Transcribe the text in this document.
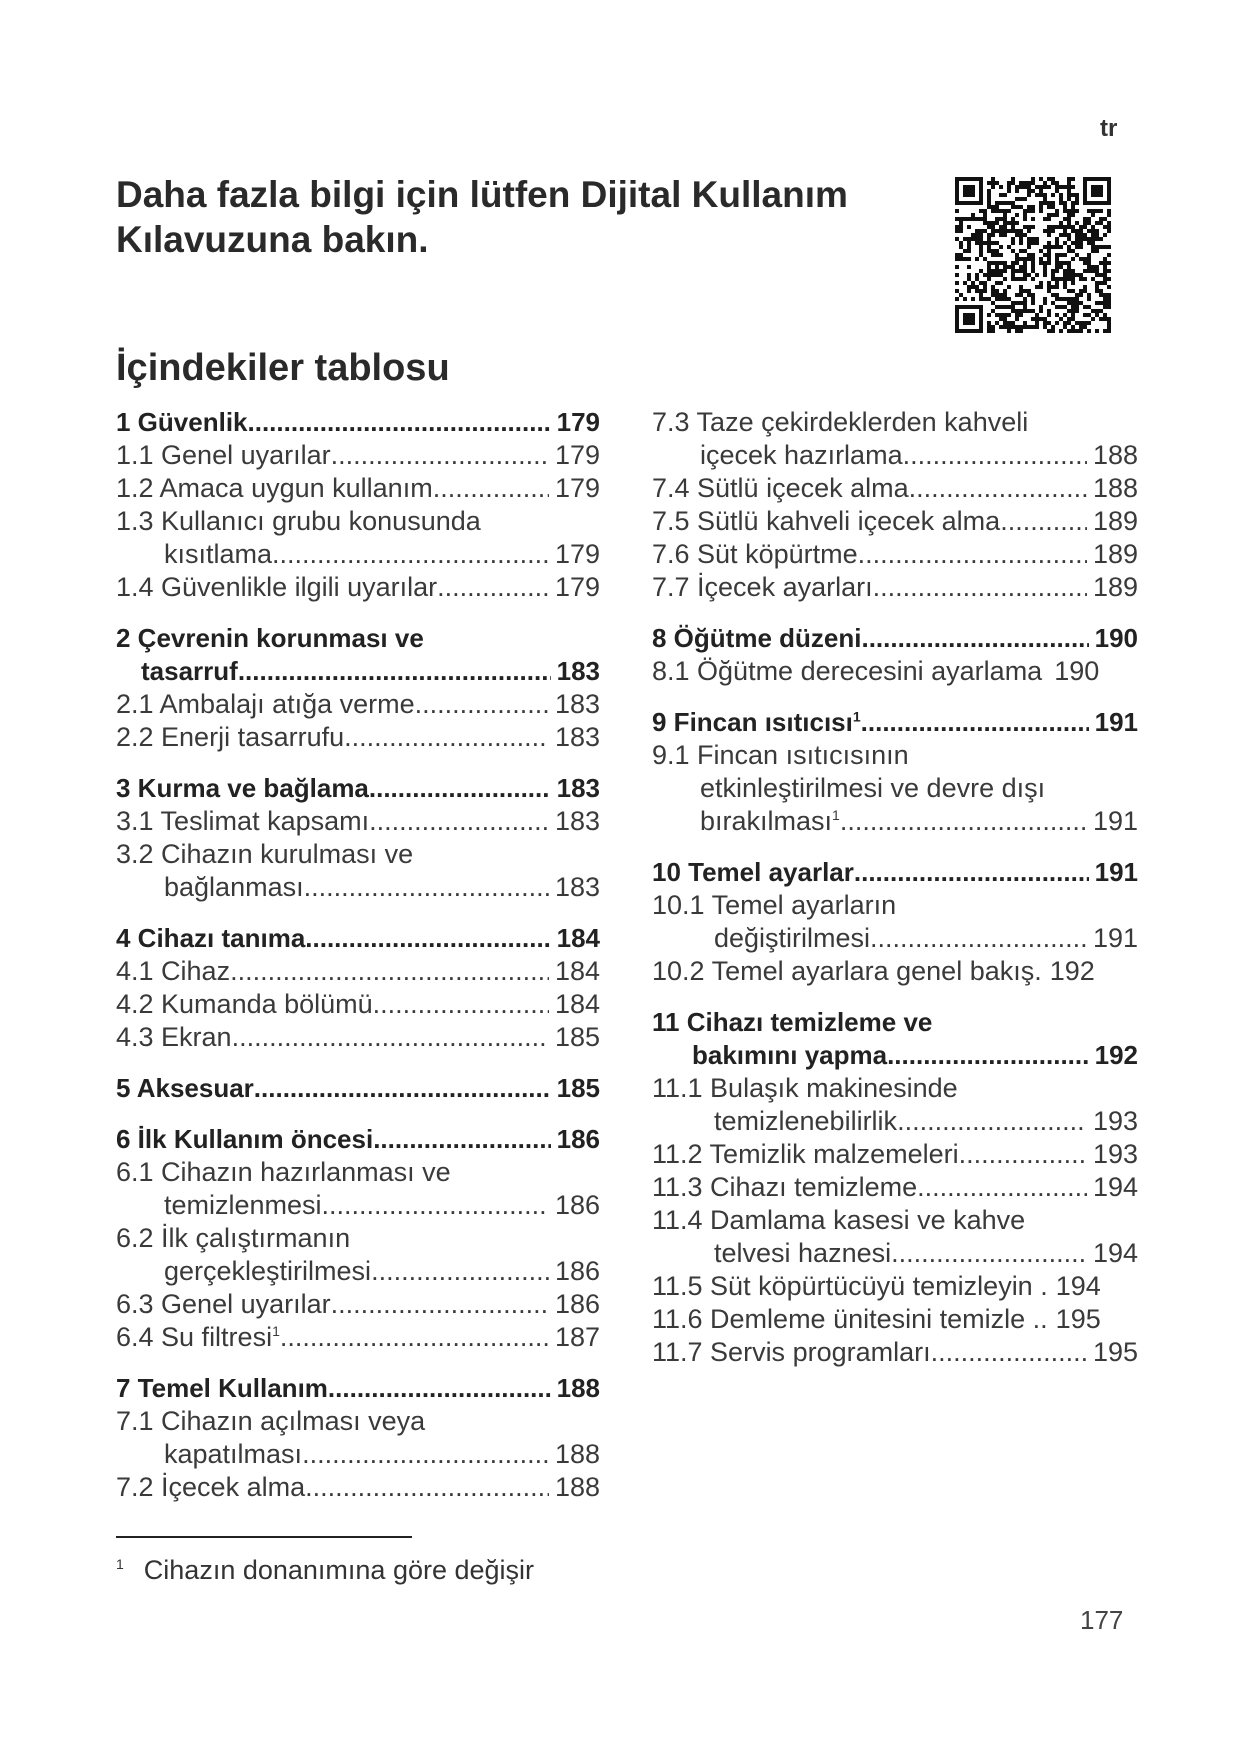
tr
Daha fazla bilgi için lütfen Dijital Kullanım
Kılavuzuna bakın.
İçindekiler tablosu
1 Güvenlik .....	179
1.1 Genel uyarılar .....	179
1.2 Amaca uygun kullanım .....	179
1.3 Kullanıcı grubu konusunda
kısıtlama .....	179
1.4 Güvenlikle ilgili uyarılar .....	179
2 Çevrenin korunması ve
tasarruf .....	183
2.1 Ambalajı atığa verme .....	183
2.2 Enerji tasarrufu .....	183
3 Kurma ve bağlama .....	183
3.1 Teslimat kapsamı .....	183
3.2 Cihazın kurulması ve
bağlanması .....	183
4 Cihazı tanıma .....	184
4.1 Cihaz .....	184
4.2 Kumanda bölümü .....	184
4.3 Ekran .....	185
5 Aksesuar .....	185
6 İlk Kullanım öncesi .....	186
6.1 Cihazın hazırlanması ve
temizlenmesi .....	186
6.2 İlk çalıştırmanın
gerçekleştirilmesi .....	186
6.3 Genel uyarılar .....	186
6.4 Su filtresi$^1$ .....	187
7 Temel Kullanım .....	188
7.1 Cihazın açılması veya
kapatılması .....	188
7.2 İçecek alma .....	188
7.3 Taze çekirdeklerden kahveli
içecek hazırlama .....	188
7.4 Sütlü içecek alma .....	188
7.5 Sütlü kahveli içecek alma .....	189
7.6 Süt köpürtme .....	189
7.7 İçecek ayarları .....	189
8 Öğütme düzeni .....	190
8.1 Öğütme derecesini ayarlama 190
9 Fincan ısıtıcısı$^1$ .....	191
9.1 Fincan ısıtıcısının
etkinleştirilmesi ve devre dışı
bırakılması$^1$ .....	191
10 Temel ayarlar .....	191
10.1 Temel ayarların
değiştirilmesi .....	191
10.2 Temel ayarlara genel bakış. 192
11 Cihazı temizleme ve
bakımını yapma .....	192
11.1 Bulaşık makinesinde
temizlenebilirlik .....	193
11.2 Temizlik malzemeleri .....	193
11.3 Cihazı temizleme .....	194
11.4 Damlama kasesi ve kahve
telvesi haznesi .....	194
11.5 Süt köpürtücüyü temizleyin . 194
11.6 Demleme ünitesini temizle .. 195
11.7 Servis programları .....	195
$^1$ Cihazın donanımına göre değişir
177
